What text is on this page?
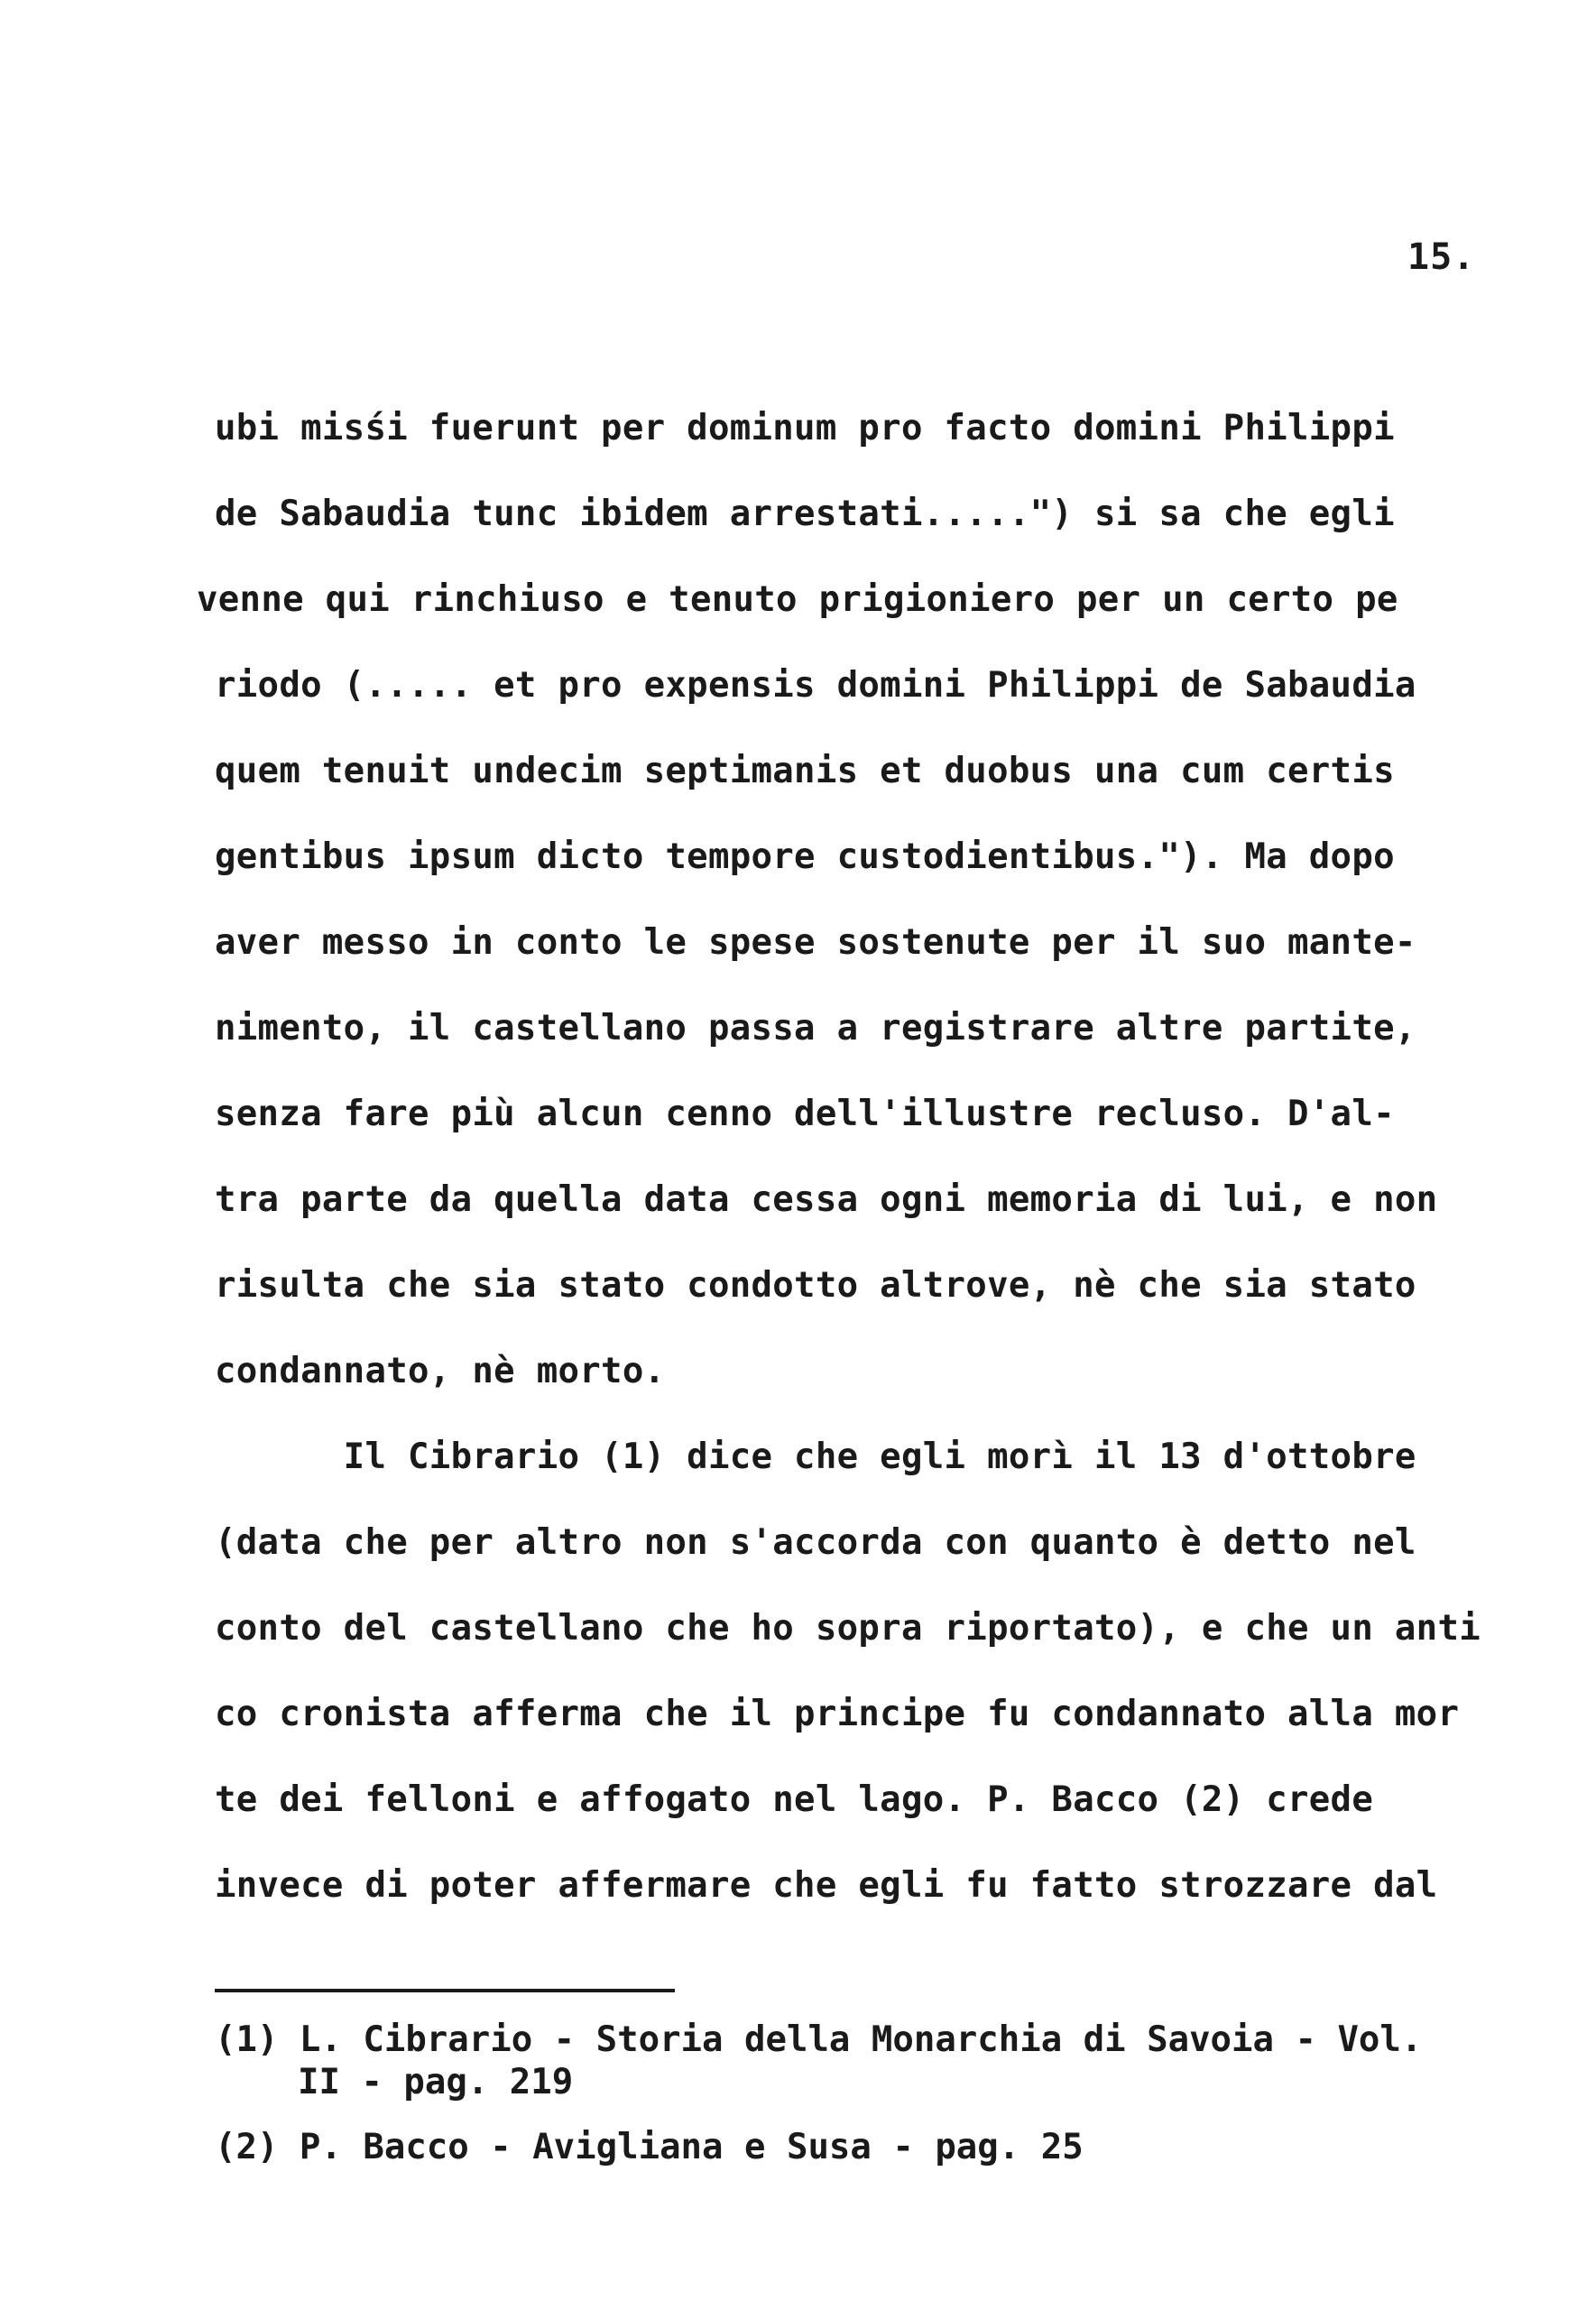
15.
ubi misśi fuerunt per dominum pro facto domini Philippi
de Sabaudia tunc ibidem arrestati.....") si sa che egli
venne qui rinchiuso e tenuto prigioniero per un certo pe
riodo (..... et pro expensis domini Philippi de Sabaudia
quem tenuit undecim septimanis et duobus una cum certis
gentibus ipsum dicto tempore custodientibus."). Ma dopo
aver messo in conto le spese sostenute per il suo mante-
nimento, il castellano passa a registrare altre partite,
senza fare più alcun cenno dell'illustre recluso. D'al-
tra parte da quella data cessa ogni memoria di lui, e non
risulta che sia stato condotto altrove, nè che sia stato
condannato, nè morto.
Il Cibrario (1) dice che egli morì il 13 d'ottobre
(data che per altro non s'accorda con quanto è detto nel
conto del castellano che ho sopra riportato), e che un anti
co cronista afferma che il principe fu condannato alla mor
te dei felloni e affogato nel lago. P. Bacco (2) crede
invece di poter affermare che egli fu fatto strozzare dal
(1) L. Cibrario - Storia della Monarchia di Savoia - Vol.
II - pag. 219
(2) P. Bacco - Avigliana e Susa - pag. 25
